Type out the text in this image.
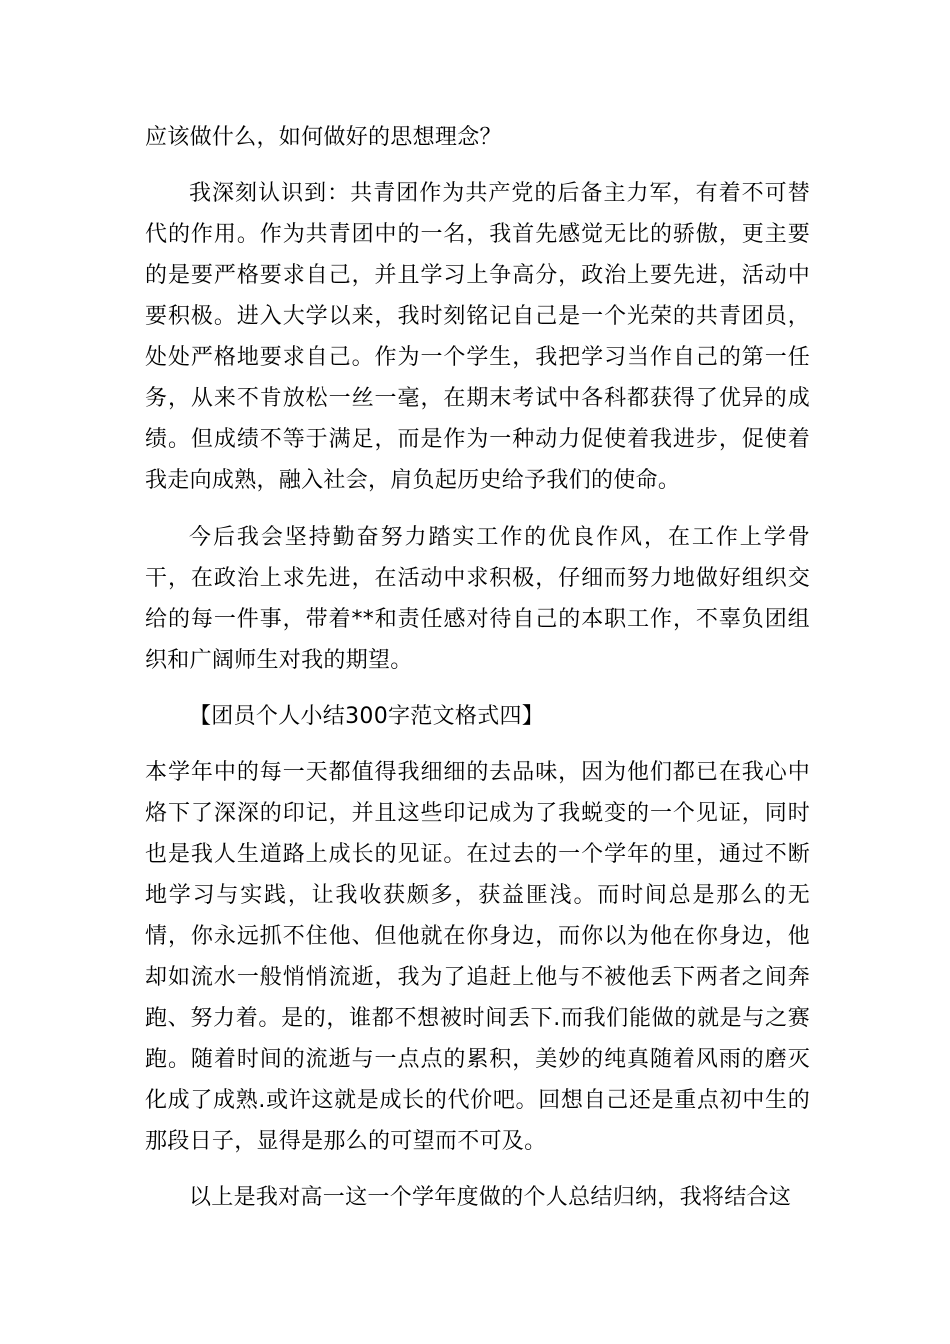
应该做什么，如何做好的思想理念？

我深刻认识到：共青团作为共产党的后备主力军，有着不可替代的作用。作为共青团中的一名，我首先感觉无比的骄傲，更主要的是要严格要求自己，并且学习上争高分，政治上要先进，活动中要积极。进入大学以来，我时刻铭记自己是一个光荣的共青团员，处处严格地要求自己。作为一个学生，我把学习当作自己的第一任务，从来不肯放松一丝一毫，在期末考试中各科都获得了优异的成绩。但成绩不等于满足，而是作为一种动力促使着我进步，促使着我走向成熟，融入社会，肩负起历史给予我们的使命。

今后我会坚持勤奋努力踏实工作的优良作风，在工作上学骨干，在政治上求先进，在活动中求积极，仔细而努力地做好组织交给的每一件事，带着**和责任感对待自己的本职工作，不辜负团组织和广阔师生对我的期望。

【团员个人小结300字范文格式四】

本学年中的每一天都值得我细细的去品味，因为他们都已在我心中烙下了深深的印记，并且这些印记成为了我蜕变的一个见证，同时也是我人生道路上成长的见证。在过去的一个学年的里，通过不断地学习与实践，让我收获颇多，获益匪浅。而时间总是那么的无情，你永远抓不住他、但他就在你身边，而你以为他在你身边，他却如流水一般悄悄流逝，我为了追赶上他与不被他丢下两者之间奔跑、努力着。是的，谁都不想被时间丢下.而我们能做的就是与之赛跑。随着时间的流逝与一点点的累积，美妙的纯真随着风雨的磨灭化成了成熟.或许这就是成长的代价吧。回想自己还是重点初中生的那段日子，显得是那么的可望而不可及。

以上是我对高一这一个学年度做的个人总结归纳，我将结合这
